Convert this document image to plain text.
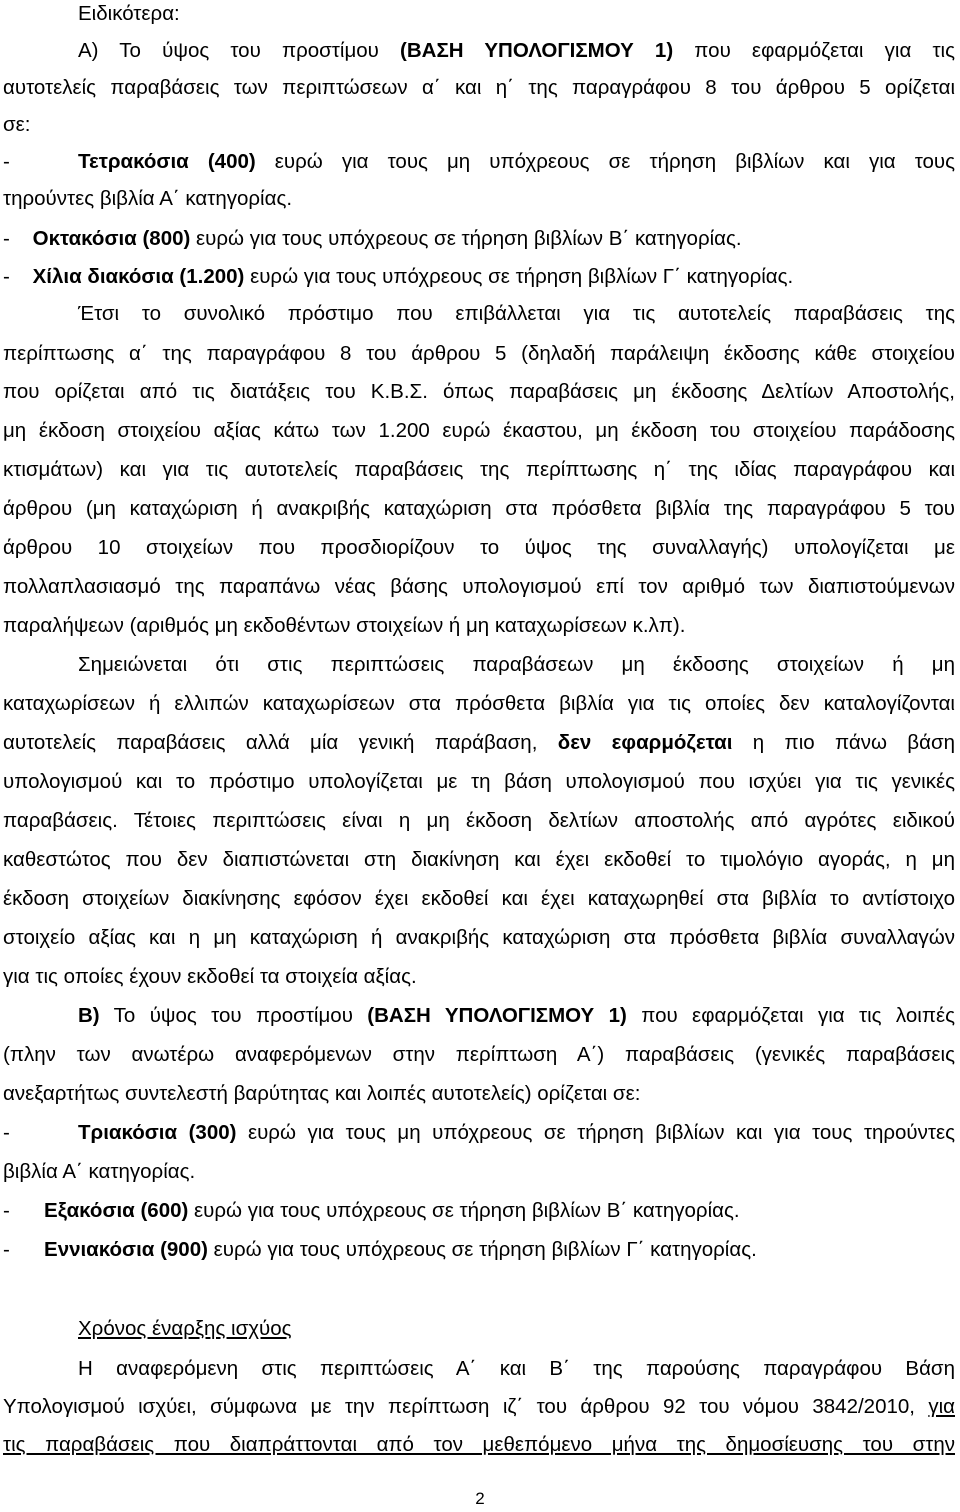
Ειδικότερα:
Α) Το ύψος του προστίμου (ΒΑΣΗ ΥΠΟΛΟΓΙΣΜΟΥ 1) που εφαρμόζεται για τις
αυτοτελείς παραβάσεις των περιπτώσεων α΄ και η΄ της παραγράφου 8 του άρθρου 5 ορίζεται
σε:
-	Τετρακόσια (400) ευρώ για τους μη υπόχρεους σε τήρηση βιβλίων και για τους
τηρούντες βιβλία Α΄ κατηγορίας.
- Οκτακόσια (800) ευρώ για τους υπόχρεους σε τήρηση βιβλίων Β΄ κατηγορίας.
- Χίλια διακόσια (1.200) ευρώ για τους υπόχρεους σε τήρηση βιβλίων Γ΄ κατηγορίας.
Έτσι το συνολικό πρόστιμο που επιβάλλεται για τις αυτοτελείς παραβάσεις της
περίπτωσης α΄ της παραγράφου 8 του άρθρου 5 (δηλαδή παράλειψη έκδοσης κάθε στοιχείου
που ορίζεται από τις διατάξεις του Κ.Β.Σ. όπως παραβάσεις μη έκδοσης Δελτίων Αποστολής,
μη έκδοση στοιχείου αξίας κάτω των 1.200 ευρώ έκαστου, μη έκδοση του στοιχείου παράδοσης
κτισμάτων) και για τις αυτοτελείς παραβάσεις της περίπτωσης η΄ της ιδίας παραγράφου και
άρθρου (μη καταχώριση ή ανακριβής καταχώριση στα πρόσθετα βιβλία της παραγράφου 5 του
άρθρου 10 στοιχείων που προσδιορίζουν το ύψος της συναλλαγής) υπολογίζεται με
πολλαπλασιασμό της παραπάνω νέας βάσης υπολογισμού επί τον αριθμό των διαπιστούμενων
παραλήψεων (αριθμός μη εκδοθέντων στοιχείων ή μη καταχωρίσεων κ.λπ).
Σημειώνεται ότι στις περιπτώσεις παραβάσεων μη έκδοσης στοιχείων ή μη
καταχωρίσεων ή ελλιπών καταχωρίσεων στα πρόσθετα βιβλία για τις οποίες δεν καταλογίζονται
αυτοτελείς παραβάσεις αλλά μία γενική παράβαση, δεν εφαρμόζεται η πιο πάνω βάση
υπολογισμού και το πρόστιμο υπολογίζεται με τη βάση υπολογισμού που ισχύει για τις γενικές
παραβάσεις. Τέτοιες περιπτώσεις είναι η μη έκδοση δελτίων αποστολής από αγρότες ειδικού
καθεστώτος που δεν διαπιστώνεται στη διακίνηση και έχει εκδοθεί το τιμολόγιο αγοράς, η μη
έκδοση στοιχείων διακίνησης εφόσον έχει εκδοθεί και έχει καταχωρηθεί στα βιβλία το αντίστοιχο
στοιχείο αξίας και η μη καταχώριση ή ανακριβής καταχώριση στα πρόσθετα βιβλία συναλλαγών
για τις οποίες έχουν εκδοθεί τα στοιχεία αξίας.
Β) Το ύψος του προστίμου (ΒΑΣΗ ΥΠΟΛΟΓΙΣΜΟΥ 1) που εφαρμόζεται για τις λοιπές
(πλην των ανωτέρω αναφερόμενων στην περίπτωση Α΄) παραβάσεις (γενικές παραβάσεις
ανεξαρτήτως συντελεστή βαρύτητας και λοιπές αυτοτελείς) ορίζεται σε:
-	Τριακόσια (300) ευρώ για τους μη υπόχρεους σε τήρηση βιβλίων και για τους τηρούντες
βιβλία Α΄ κατηγορίας.
- Εξακόσια (600) ευρώ για τους υπόχρεους σε τήρηση βιβλίων Β΄ κατηγορίας.
- Εννιακόσια (900) ευρώ για τους υπόχρεους σε τήρηση βιβλίων Γ΄ κατηγορίας.
Χρόνος έναρξης ισχύος
Η αναφερόμενη στις περιπτώσεις Α΄ και Β΄ της παρούσης παραγράφου Βάση
Υπολογισμού ισχύει, σύμφωνα με την περίπτωση ιζ΄ του άρθρου 92 του νόμου 3842/2010, για
τις παραβάσεις που διαπράττονται από τον μεθεπόμενο μήνα της δημοσίευσης του στην
2
